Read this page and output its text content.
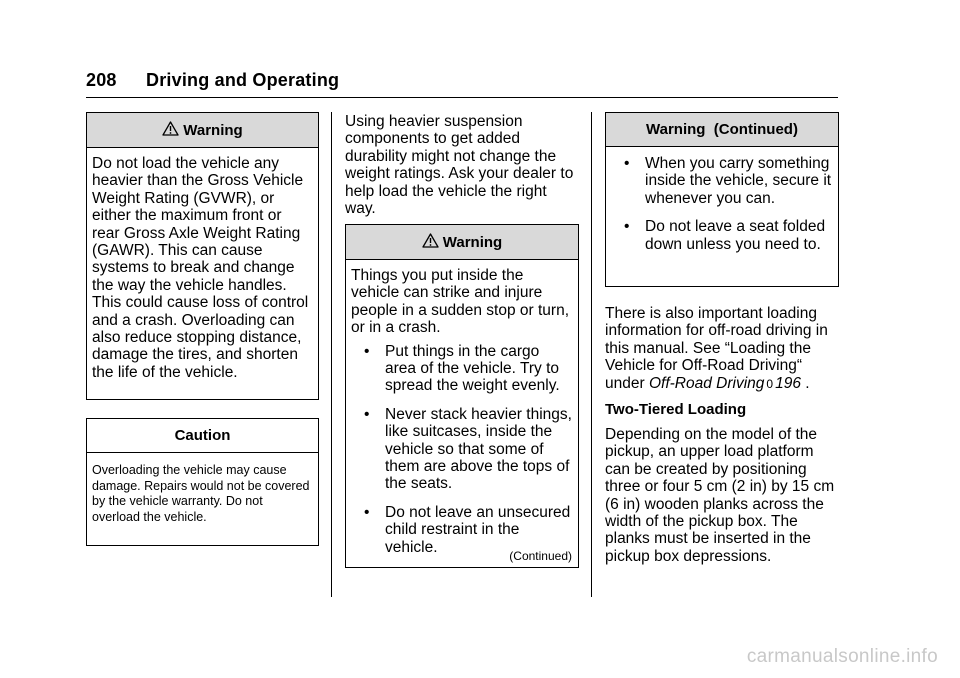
208 Driving and Operating
Warning

Do not load the vehicle any heavier than the Gross Vehicle Weight Rating (GVWR), or either the maximum front or rear Gross Axle Weight Rating (GAWR). This can cause systems to break and change the way the vehicle handles. This could cause loss of control and a crash. Overloading can also reduce stopping distance, damage the tires, and shorten the life of the vehicle.

Caution

Overloading the vehicle may cause damage. Repairs would not be covered by the vehicle warranty. Do not overload the vehicle.

Using heavier suspension components to get added durability might not change the weight ratings. Ask your dealer to help load the vehicle the right way.

Warning

Things you put inside the vehicle can strike and injure people in a sudden stop or turn, or in a crash.

• Put things in the cargo area of the vehicle. Try to spread the weight evenly.
• Never stack heavier things, like suitcases, inside the vehicle so that some of them are above the tops of the seats.
• Do not leave an unsecured child restraint in the vehicle.
(Continued)
Warning  (Continued)
• When you carry something inside the vehicle, secure it whenever you can.
• Do not leave a seat folded down unless you need to.

There is also important loading information for off-road driving in this manual. See “Loading the Vehicle for Off-Road Driving“ under Off-Road Driving 0 196 .

Two-Tiered Loading

Depending on the model of the pickup, an upper load platform can be created by positioning three or four 5 cm (2 in) by 15 cm (6 in) wooden planks across the width of the pickup box. The planks must be inserted in the pickup box depressions.

carmanualsonline.info
